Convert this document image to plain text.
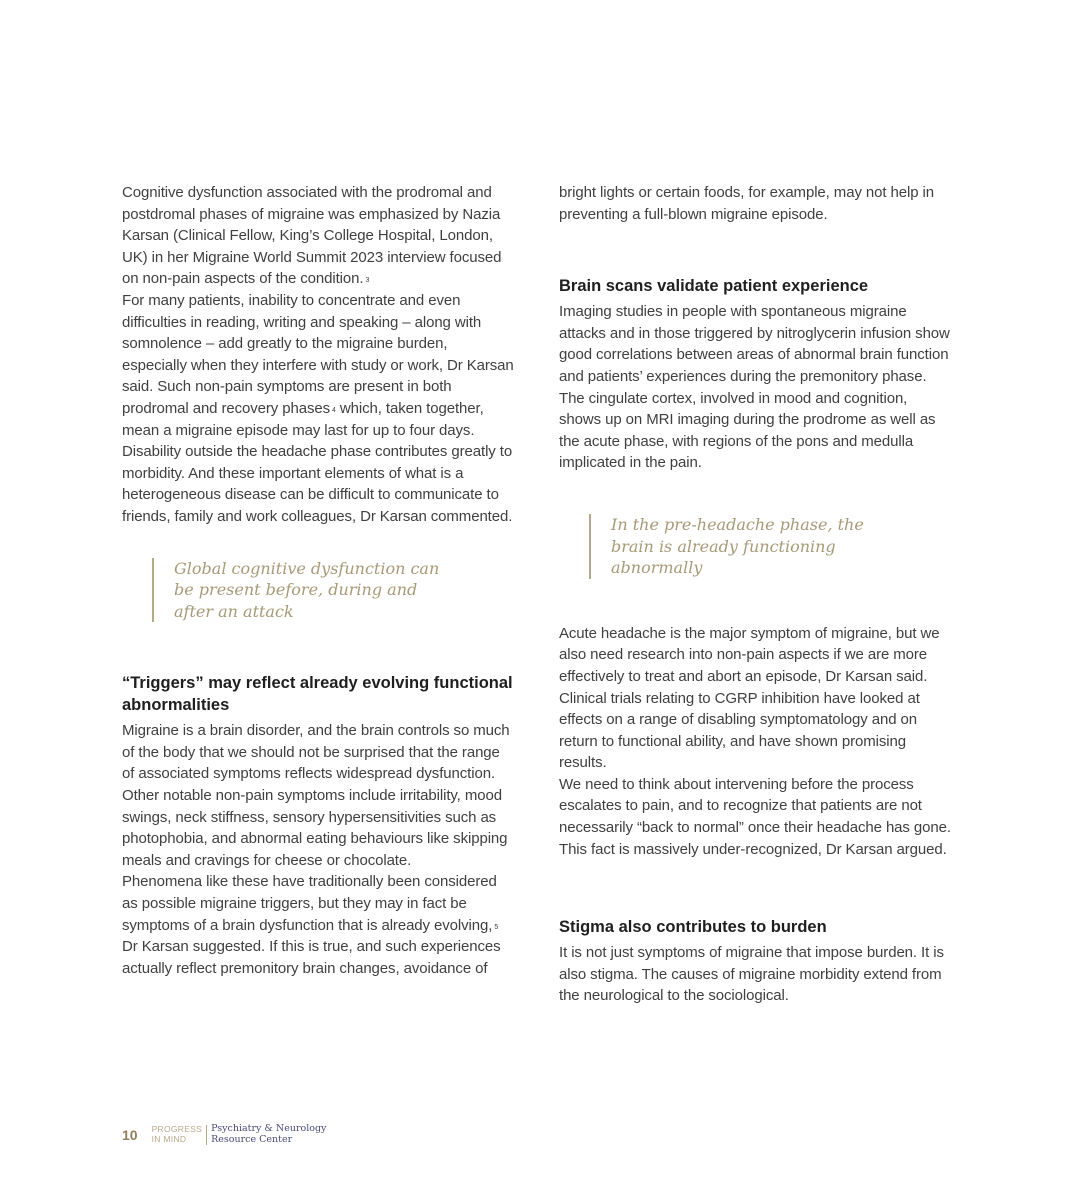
Cognitive dysfunction associated with the prodromal and postdromal phases of migraine was emphasized by Nazia Karsan (Clinical Fellow, King’s College Hospital, London, UK) in her Migraine World Summit 2023 interview focused on non-pain aspects of the condition. $^3$

For many patients, inability to concentrate and even difficulties in reading, writing and speaking – along with somnolence – add greatly to the migraine burden, especially when they interfere with study or work, Dr Karsan said. Such non-pain symptoms are present in both prodromal and recovery phases $^4$ which, taken together, mean a migraine episode may last for up to four days.

Disability outside the headache phase contributes greatly to morbidity. And these important elements of what is a heterogeneous disease can be difficult to communicate to friends, family and work colleagues, Dr Karsan commented.

Global cognitive dysfunction can be present before, during and after an attack
“Triggers” may reflect already evolving functional abnormalities

Migraine is a brain disorder, and the brain controls so much of the body that we should not be surprised that the range of associated symptoms reflects widespread dysfunction.

Other notable non-pain symptoms include irritability, mood swings, neck stiffness, sensory hypersensitivities such as photophobia, and abnormal eating behaviours like skipping meals and cravings for cheese or chocolate.

Phenomena like these have traditionally been considered as possible migraine triggers, but they may in fact be symptoms of a brain dysfunction that is already evolving, $^5$ Dr Karsan suggested. If this is true, and such experiences actually reflect premonitory brain changes, avoidance of

bright lights or certain foods, for example, may not help in preventing a full-blown migraine episode.

Brain scans validate patient experience

Imaging studies in people with spontaneous migraine attacks and in those triggered by nitroglycerin infusion show good correlations between areas of abnormal brain function and patients’ experiences during the premonitory phase.

The cingulate cortex, involved in mood and cognition, shows up on MRI imaging during the prodrome as well as the acute phase, with regions of the pons and medulla implicated in the pain.

In the pre-headache phase, the brain is already functioning abnormally

Acute headache is the major symptom of migraine, but we also need research into non-pain aspects if we are more effectively to treat and abort an episode, Dr Karsan said. Clinical trials relating to CGRP inhibition have looked at effects on a range of disabling symptomatology and on return to functional ability, and have shown promising results.

We need to think about intervening before the process escalates to pain, and to recognize that patients are not necessarily “back to normal” once their headache has gone. This fact is massively under-recognized, Dr Karsan argued.

Stigma also contributes to burden

It is not just symptoms of migraine that impose burden. It is also stigma. The causes of migraine morbidity extend from the neurological to the sociological.

10 PROGRESS
IN MIND
Psychiatry & Neurology
Resource Center
